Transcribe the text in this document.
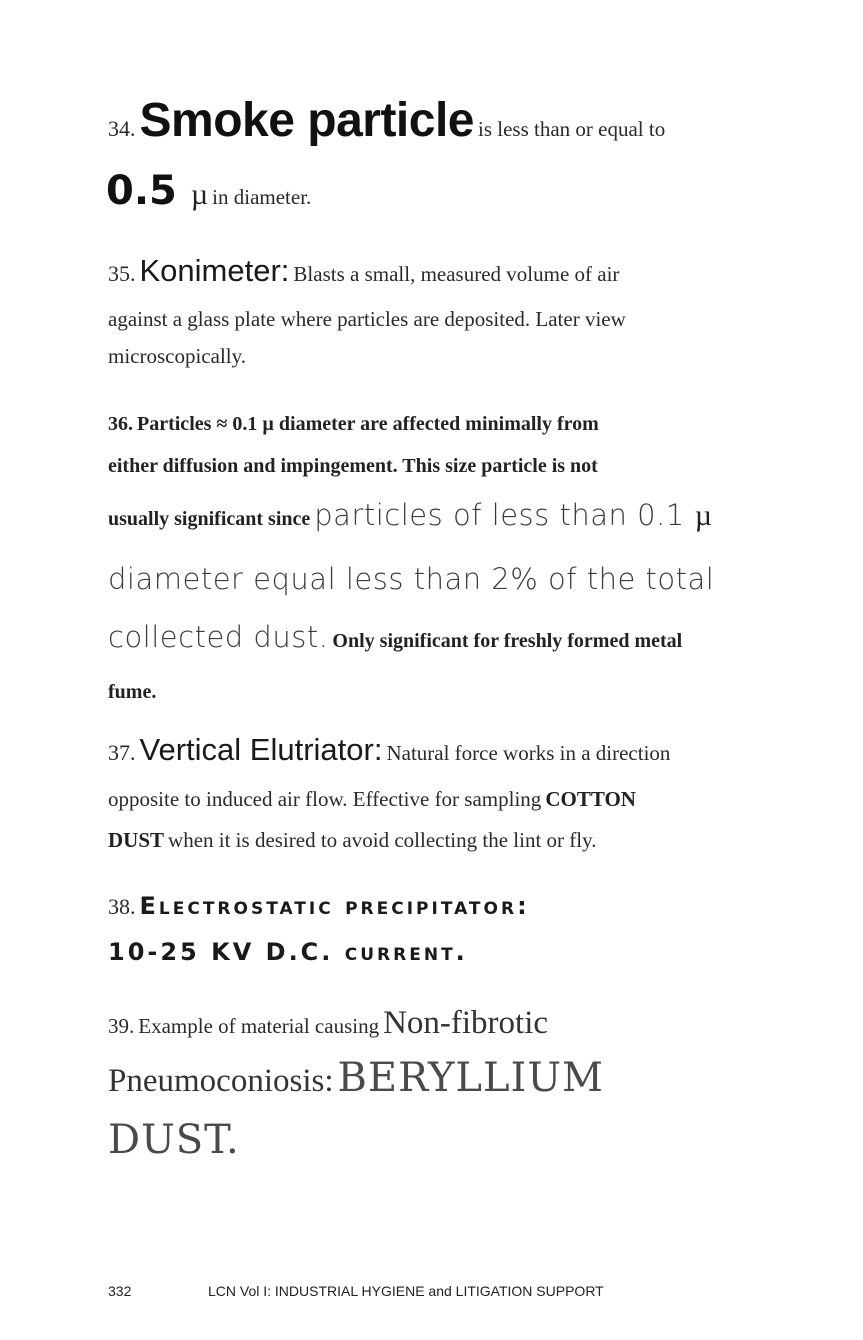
34. Smoke particle is less than or equal to

0.5 µ in diameter.

35. Konimeter: Blasts a small, measured volume of air

against a glass plate where particles are deposited. Later view

microscopically.

36. Particles ≈ 0.1 µ diameter are affected minimally from

either diffusion and impingement. This size particle is not

usually significant since particles of less than 0.1 µ

diameter equal less than 2% of the total

collected dust. Only significant for freshly formed metal

fume.

37. Vertical Elutriator: Natural force works in a direction

opposite to induced air flow. Effective for sampling COTTON

DUST when it is desired to avoid collecting the lint or fly.

38. Electrostatic precipitator:

10-25 KV D.C. current.

39. Example of material causing Non-fibrotic

Pneumoconiosis: BERYLLIUM

DUST.

332	LCN Vol I: INDUSTRIAL HYGIENE and LITIGATION SUPPORT
